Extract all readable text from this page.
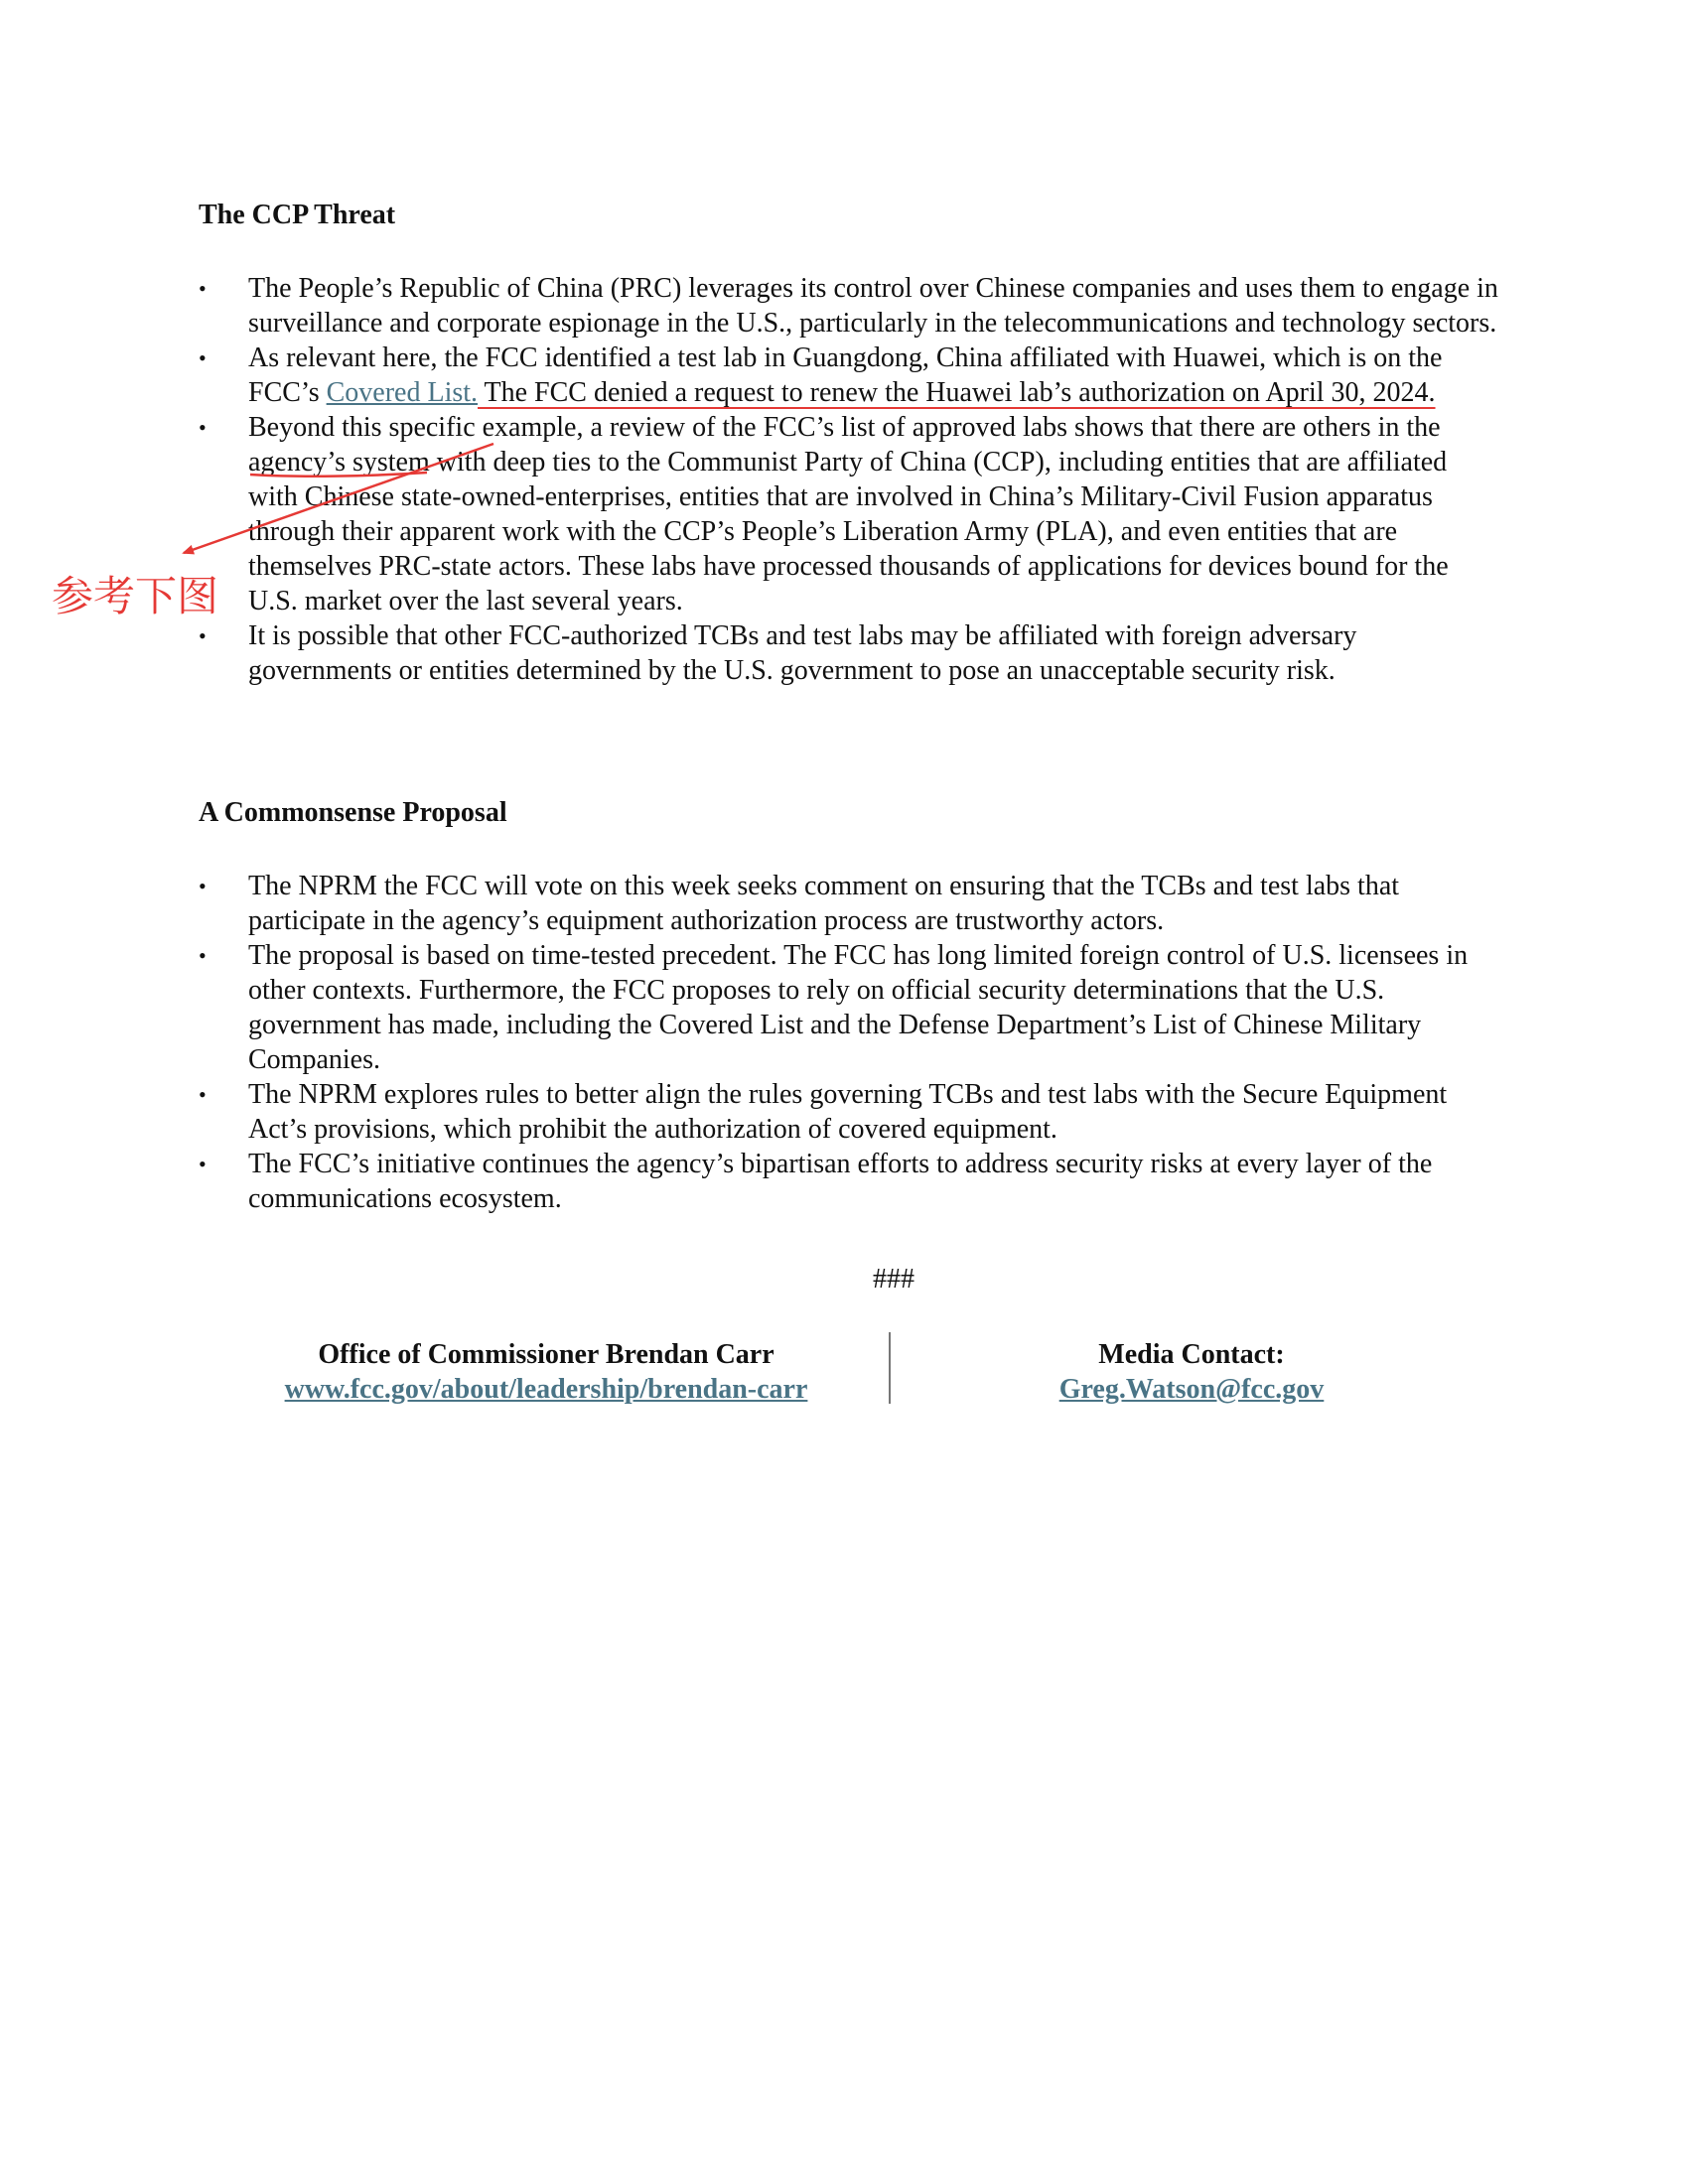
The CCP Threat
•	The People’s Republic of China (PRC) leverages its control over Chinese companies and uses them to engage in surveillance and corporate espionage in the U.S., particularly in the telecommunications and technology sectors.
•	As relevant here, the FCC identified a test lab in Guangdong, China affiliated with Huawei, which is on the FCC’s Covered List. The FCC denied a request to renew the Huawei lab’s authorization on April 30, 2024.
•	Beyond this specific example, a review of the FCC’s list of approved labs shows that there are others in the agency’s system with deep ties to the Communist Party of China (CCP), including entities that are affiliated with Chinese state-owned-enterprises, entities that are involved in China’s Military-Civil Fusion apparatus through their apparent work with the CCP’s People’s Liberation Army (PLA), and even entities that are themselves PRC-state actors. These labs have processed thousands of applications for devices bound for the U.S. market over the last several years.
•	It is possible that other FCC-authorized TCBs and test labs may be affiliated with foreign adversary governments or entities determined by the U.S. government to pose an unacceptable security risk.
A Commonsense Proposal
•	The NPRM the FCC will vote on this week seeks comment on ensuring that the TCBs and test labs that participate in the agency’s equipment authorization process are trustworthy actors.
•	The proposal is based on time-tested precedent. The FCC has long limited foreign control of U.S. licensees in other contexts. Furthermore, the FCC proposes to rely on official security determinations that the U.S. government has made, including the Covered List and the Defense Department’s List of Chinese Military Companies.
•	The NPRM explores rules to better align the rules governing TCBs and test labs with the Secure Equipment Act’s provisions, which prohibit the authorization of covered equipment.
•	The FCC’s initiative continues the agency’s bipartisan efforts to address security risks at every layer of the communications ecosystem.
###
Office of Commissioner Brendan Carr
www.fcc.gov/about/leadership/brendan-carr
Media Contact:
Greg.Watson@fcc.gov
参考下图
